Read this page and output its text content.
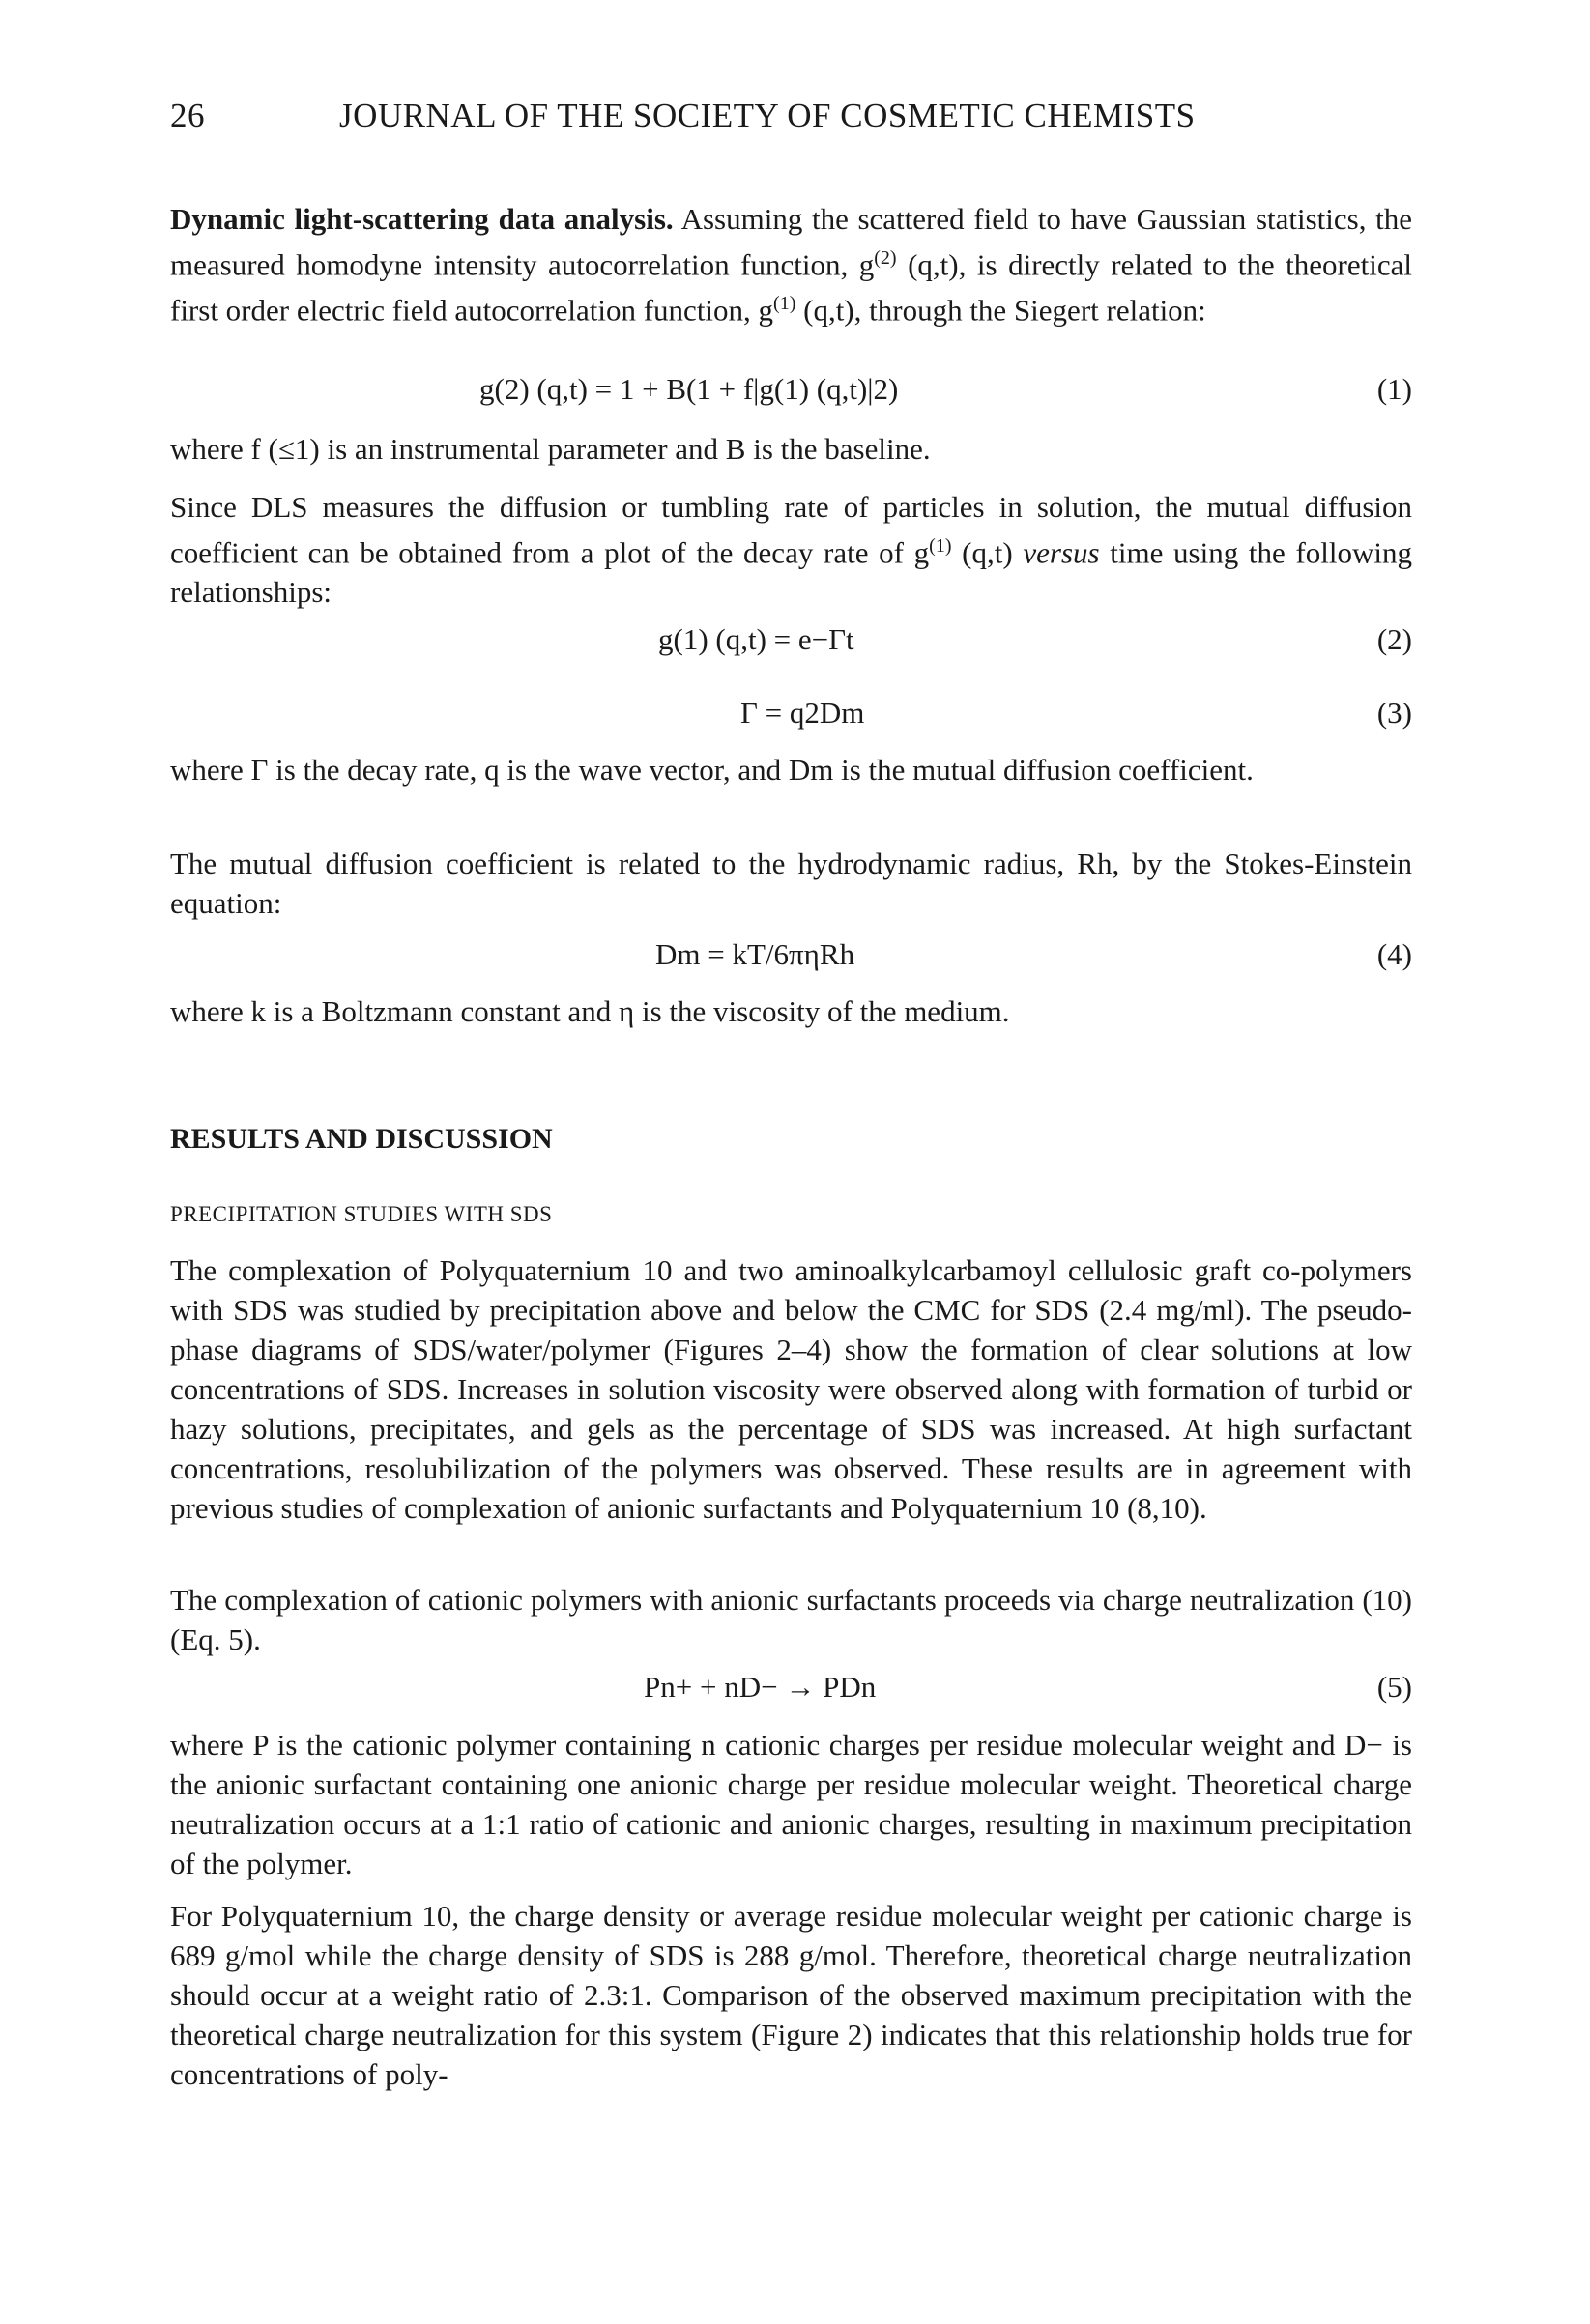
26	JOURNAL OF THE SOCIETY OF COSMETIC CHEMISTS

Dynamic light-scattering data analysis. Assuming the scattered field to have Gaussian statistics, the measured homodyne intensity autocorrelation function, $g^{(2)}$ (q,t), is directly related to the theoretical first order electric field autocorrelation function, $g^{(1)}$ (q,t), through the Siegert relation:

g(2) (q,t) = 1 + B(1 + f|g(1) (q,t)|2)	(1)

where f (≤1) is an instrumental parameter and B is the baseline.

Since DLS measures the diffusion or tumbling rate of particles in solution, the mutual diffusion coefficient can be obtained from a plot of the decay rate of $g^{(1)}$ (q,t) versus time using the following relationships:

g(1) (q,t) = e−Γt	(2)
Γ = q2Dm	(3)

where Γ is the decay rate, q is the wave vector, and Dm is the mutual diffusion coefficient.

The mutual diffusion coefficient is related to the hydrodynamic radius, Rh, by the Stokes-Einstein equation:

Dm = kT/6πηRh	(4)

where k is a Boltzmann constant and η is the viscosity of the medium.

RESULTS AND DISCUSSION
PRECIPITATION STUDIES WITH SDS

The complexation of Polyquaternium 10 and two aminoalkylcarbamoyl cellulosic graft co-polymers with SDS was studied by precipitation above and below the CMC for SDS (2.4 mg/ml). The pseudo-phase diagrams of SDS/water/polymer (Figures 2–4) show the formation of clear solutions at low concentrations of SDS. Increases in solution viscosity were observed along with formation of turbid or hazy solutions, precipitates, and gels as the percentage of SDS was increased. At high surfactant concentrations, resolubilization of the polymers was observed. These results are in agreement with previous studies of complexation of anionic surfactants and Polyquaternium 10 (8,10).

The complexation of cationic polymers with anionic surfactants proceeds via charge neutralization (10) (Eq. 5).

Pn+ + nD− → PDn	(5)

where P is the cationic polymer containing n cationic charges per residue molecular weight and D− is the anionic surfactant containing one anionic charge per residue molecular weight. Theoretical charge neutralization occurs at a 1:1 ratio of cationic and anionic charges, resulting in maximum precipitation of the polymer.

For Polyquaternium 10, the charge density or average residue molecular weight per cationic charge is 689 g/mol while the charge density of SDS is 288 g/mol. Therefore, theoretical charge neutralization should occur at a weight ratio of 2.3:1. Comparison of the observed maximum precipitation with the theoretical charge neutralization for this system (Figure 2) indicates that this relationship holds true for concentrations of poly-
